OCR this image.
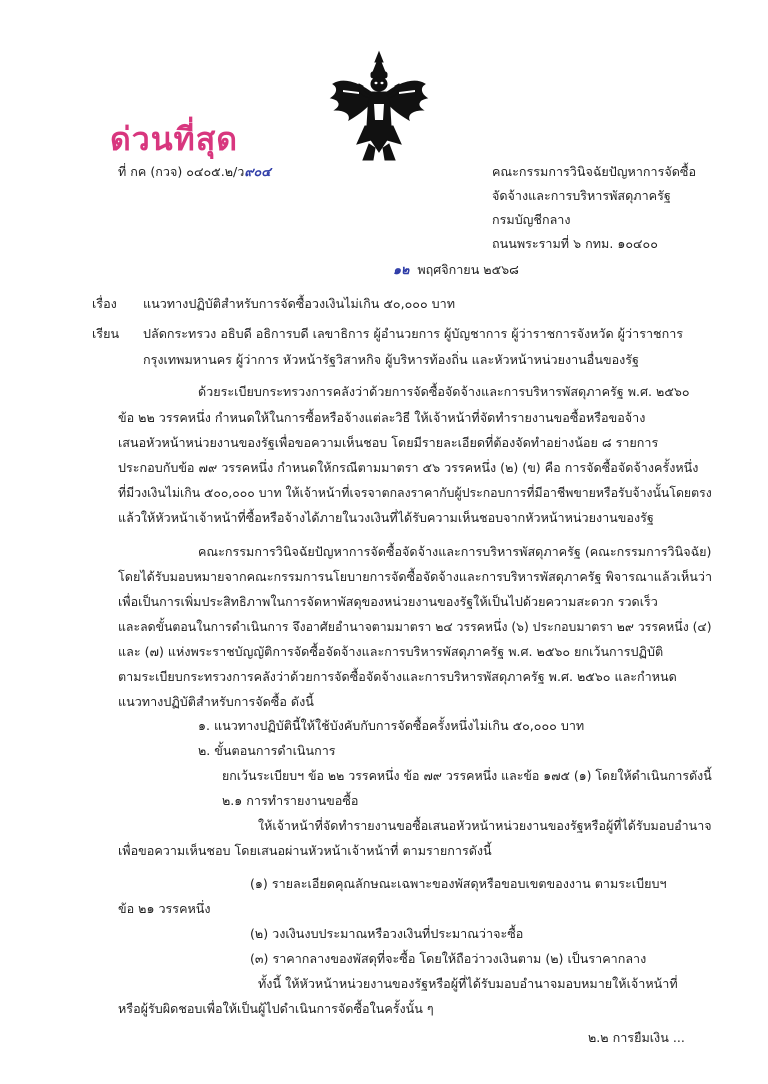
ด่วนที่สุด
ที่ กค (กวจ) ๐๔๐๕.๒/ว๙๐๔	คณะกรรมการวินิจฉัยปัญหาการจัดซื้อ
จัดจ้างและการบริหารพัสดุภาครัฐ
กรมบัญชีกลาง
ถนนพระรามที่ ๖ กทม. ๑๐๔๐๐
๑๒ พฤศจิกายน ๒๕๖๘
เรื่อง แนวทางปฏิบัติสำหรับการจัดซื้อวงเงินไม่เกิน ๕๐,๐๐๐ บาท
เรียน ปลัดกระทรวง อธิบดี อธิการบดี เลขาธิการ ผู้อำนวยการ ผู้บัญชาการ ผู้ว่าราชการจังหวัด ผู้ว่าราชการ
กรุงเทพมหานคร ผู้ว่าการ หัวหน้ารัฐวิสาหกิจ ผู้บริหารท้องถิ่น และหัวหน้าหน่วยงานอื่นของรัฐ
ด้วยระเบียบกระทรวงการคลังว่าด้วยการจัดซื้อจัดจ้างและการบริหารพัสดุภาครัฐ พ.ศ. ๒๕๖๐
ข้อ ๒๒ วรรคหนึ่ง กำหนดให้ในการซื้อหรือจ้างแต่ละวิธี ให้เจ้าหน้าที่จัดทำรายงานขอซื้อหรือขอจ้าง
เสนอหัวหน้าหน่วยงานของรัฐเพื่อขอความเห็นชอบ โดยมีรายละเอียดที่ต้องจัดทำอย่างน้อย ๘ รายการ
ประกอบกับข้อ ๗๙ วรรคหนึ่ง กำหนดให้กรณีตามมาตรา ๕๖ วรรคหนึ่ง (๒) (ข) คือ การจัดซื้อจัดจ้างครั้งหนึ่ง
ที่มีวงเงินไม่เกิน ๕๐๐,๐๐๐ บาท ให้เจ้าหน้าที่เจรจาตกลงราคากับผู้ประกอบการที่มีอาชีพขายหรือรับจ้างนั้นโดยตรง
แล้วให้หัวหน้าเจ้าหน้าที่ซื้อหรือจ้างได้ภายในวงเงินที่ได้รับความเห็นชอบจากหัวหน้าหน่วยงานของรัฐ
คณะกรรมการวินิจฉัยปัญหาการจัดซื้อจัดจ้างและการบริหารพัสดุภาครัฐ (คณะกรรมการวินิจฉัย)
โดยได้รับมอบหมายจากคณะกรรมการนโยบายการจัดซื้อจัดจ้างและการบริหารพัสดุภาครัฐ พิจารณาแล้วเห็นว่า
เพื่อเป็นการเพิ่มประสิทธิภาพในการจัดหาพัสดุของหน่วยงานของรัฐให้เป็นไปด้วยความสะดวก รวดเร็ว
และลดขั้นตอนในการดำเนินการ จึงอาศัยอำนาจตามมาตรา ๒๔ วรรคหนึ่ง (๖) ประกอบมาตรา ๒๙ วรรคหนึ่ง (๔)
และ (๗) แห่งพระราชบัญญัติการจัดซื้อจัดจ้างและการบริหารพัสดุภาครัฐ พ.ศ. ๒๕๖๐ ยกเว้นการปฏิบัติ
ตามระเบียบกระทรวงการคลังว่าด้วยการจัดซื้อจัดจ้างและการบริหารพัสดุภาครัฐ พ.ศ. ๒๕๖๐ และกำหนด
แนวทางปฏิบัติสำหรับการจัดซื้อ ดังนี้
๑. แนวทางปฏิบัตินี้ให้ใช้บังคับกับการจัดซื้อครั้งหนึ่งไม่เกิน ๕๐,๐๐๐ บาท
๒. ขั้นตอนการดำเนินการ
ยกเว้นระเบียบฯ ข้อ ๒๒ วรรคหนึ่ง ข้อ ๗๙ วรรคหนึ่ง และข้อ ๑๗๕ (๑) โดยให้ดำเนินการดังนี้
๒.๑ การทำรายงานขอซื้อ
ให้เจ้าหน้าที่จัดทำรายงานขอซื้อเสนอหัวหน้าหน่วยงานของรัฐหรือผู้ที่ได้รับมอบอำนาจ
เพื่อขอความเห็นชอบ โดยเสนอผ่านหัวหน้าเจ้าหน้าที่ ตามรายการดังนี้
(๑) รายละเอียดคุณลักษณะเฉพาะของพัสดุหรือขอบเขตของงาน ตามระเบียบฯ
ข้อ ๒๑ วรรคหนึ่ง
(๒) วงเงินงบประมาณหรือวงเงินที่ประมาณว่าจะซื้อ
(๓) ราคากลางของพัสดุที่จะซื้อ โดยให้ถือว่าวงเงินตาม (๒) เป็นราคากลาง
ทั้งนี้ ให้หัวหน้าหน่วยงานของรัฐหรือผู้ที่ได้รับมอบอำนาจมอบหมายให้เจ้าหน้าที่
หรือผู้รับผิดชอบเพื่อให้เป็นผู้ไปดำเนินการจัดซื้อในครั้งนั้น ๆ
๒.๒ การยืมเงิน ...
